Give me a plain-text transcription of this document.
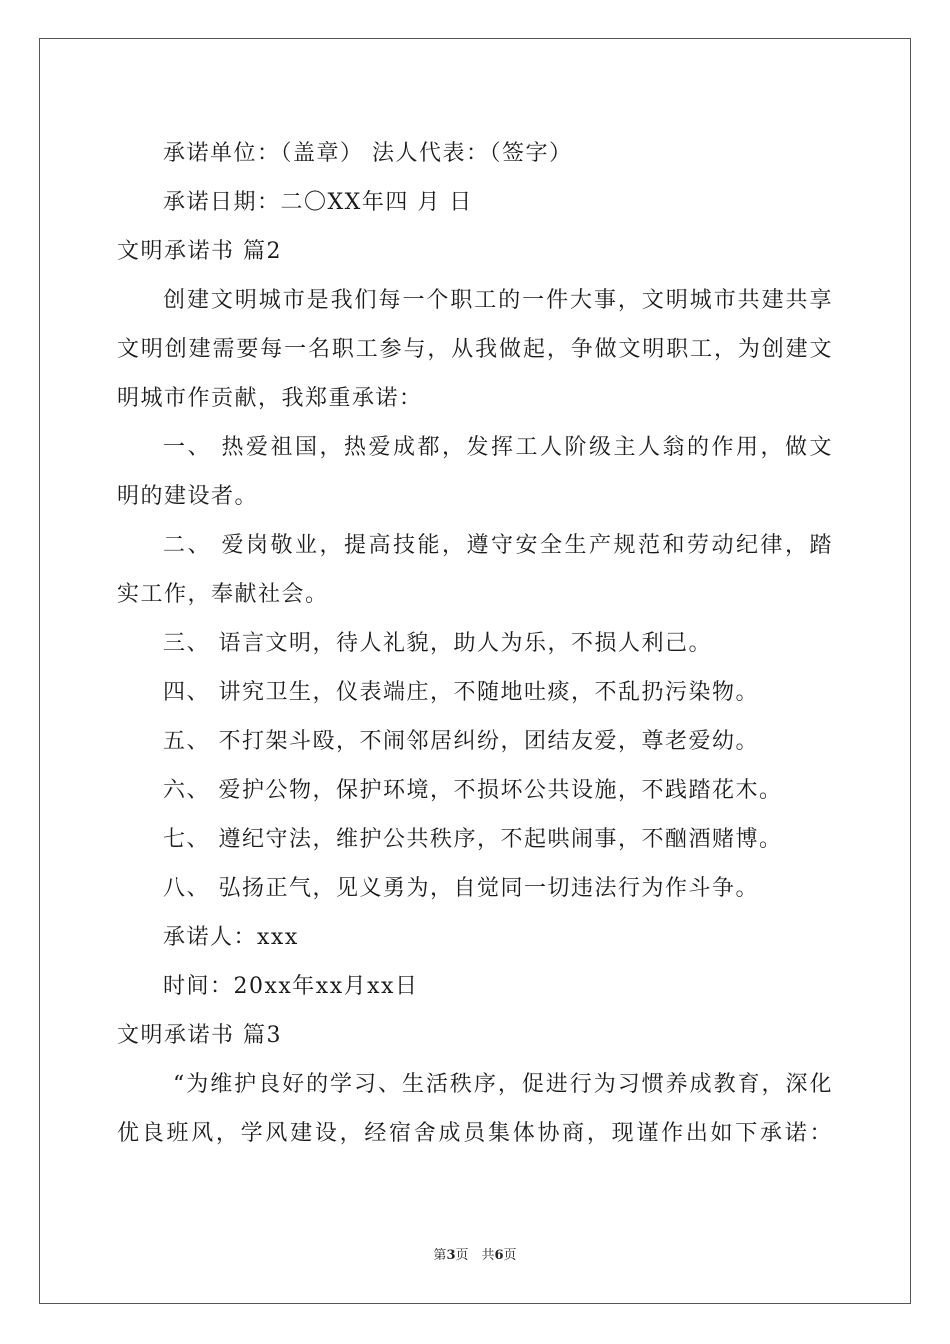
承诺单位：（盖章） 法人代表：（签字）
承诺日期：二〇XX年四 月 日
文明承诺书 篇2
创建文明城市是我们每一个职工的一件大事，文明城市共建共享
文明创建需要每一名职工参与，从我做起，争做文明职工，为创建文
明城市作贡献，我郑重承诺：
一、 热爱祖国，热爱成都，发挥工人阶级主人翁的作用，做文
明的建设者。
二、 爱岗敬业，提高技能，遵守安全生产规范和劳动纪律，踏
实工作，奉献社会。
三、 语言文明，待人礼貌，助人为乐，不损人利己。
四、 讲究卫生，仪表端庄，不随地吐痰，不乱扔污染物。
五、 不打架斗殴，不闹邻居纠纷，团结友爱，尊老爱幼。
六、 爱护公物，保护环境，不损坏公共设施，不践踏花木。
七、 遵纪守法，维护公共秩序，不起哄闹事，不酗酒赌博。
八、 弘扬正气，见义勇为，自觉同一切违法行为作斗争。
承诺人：xxx
时间：20xx年xx月xx日
文明承诺书 篇3
“为维护良好的学习、生活秩序，促进行为习惯养成教育，深化
优良班风，学风建设，经宿舍成员集体协商，现谨作出如下承诺：
第3页　共6页
